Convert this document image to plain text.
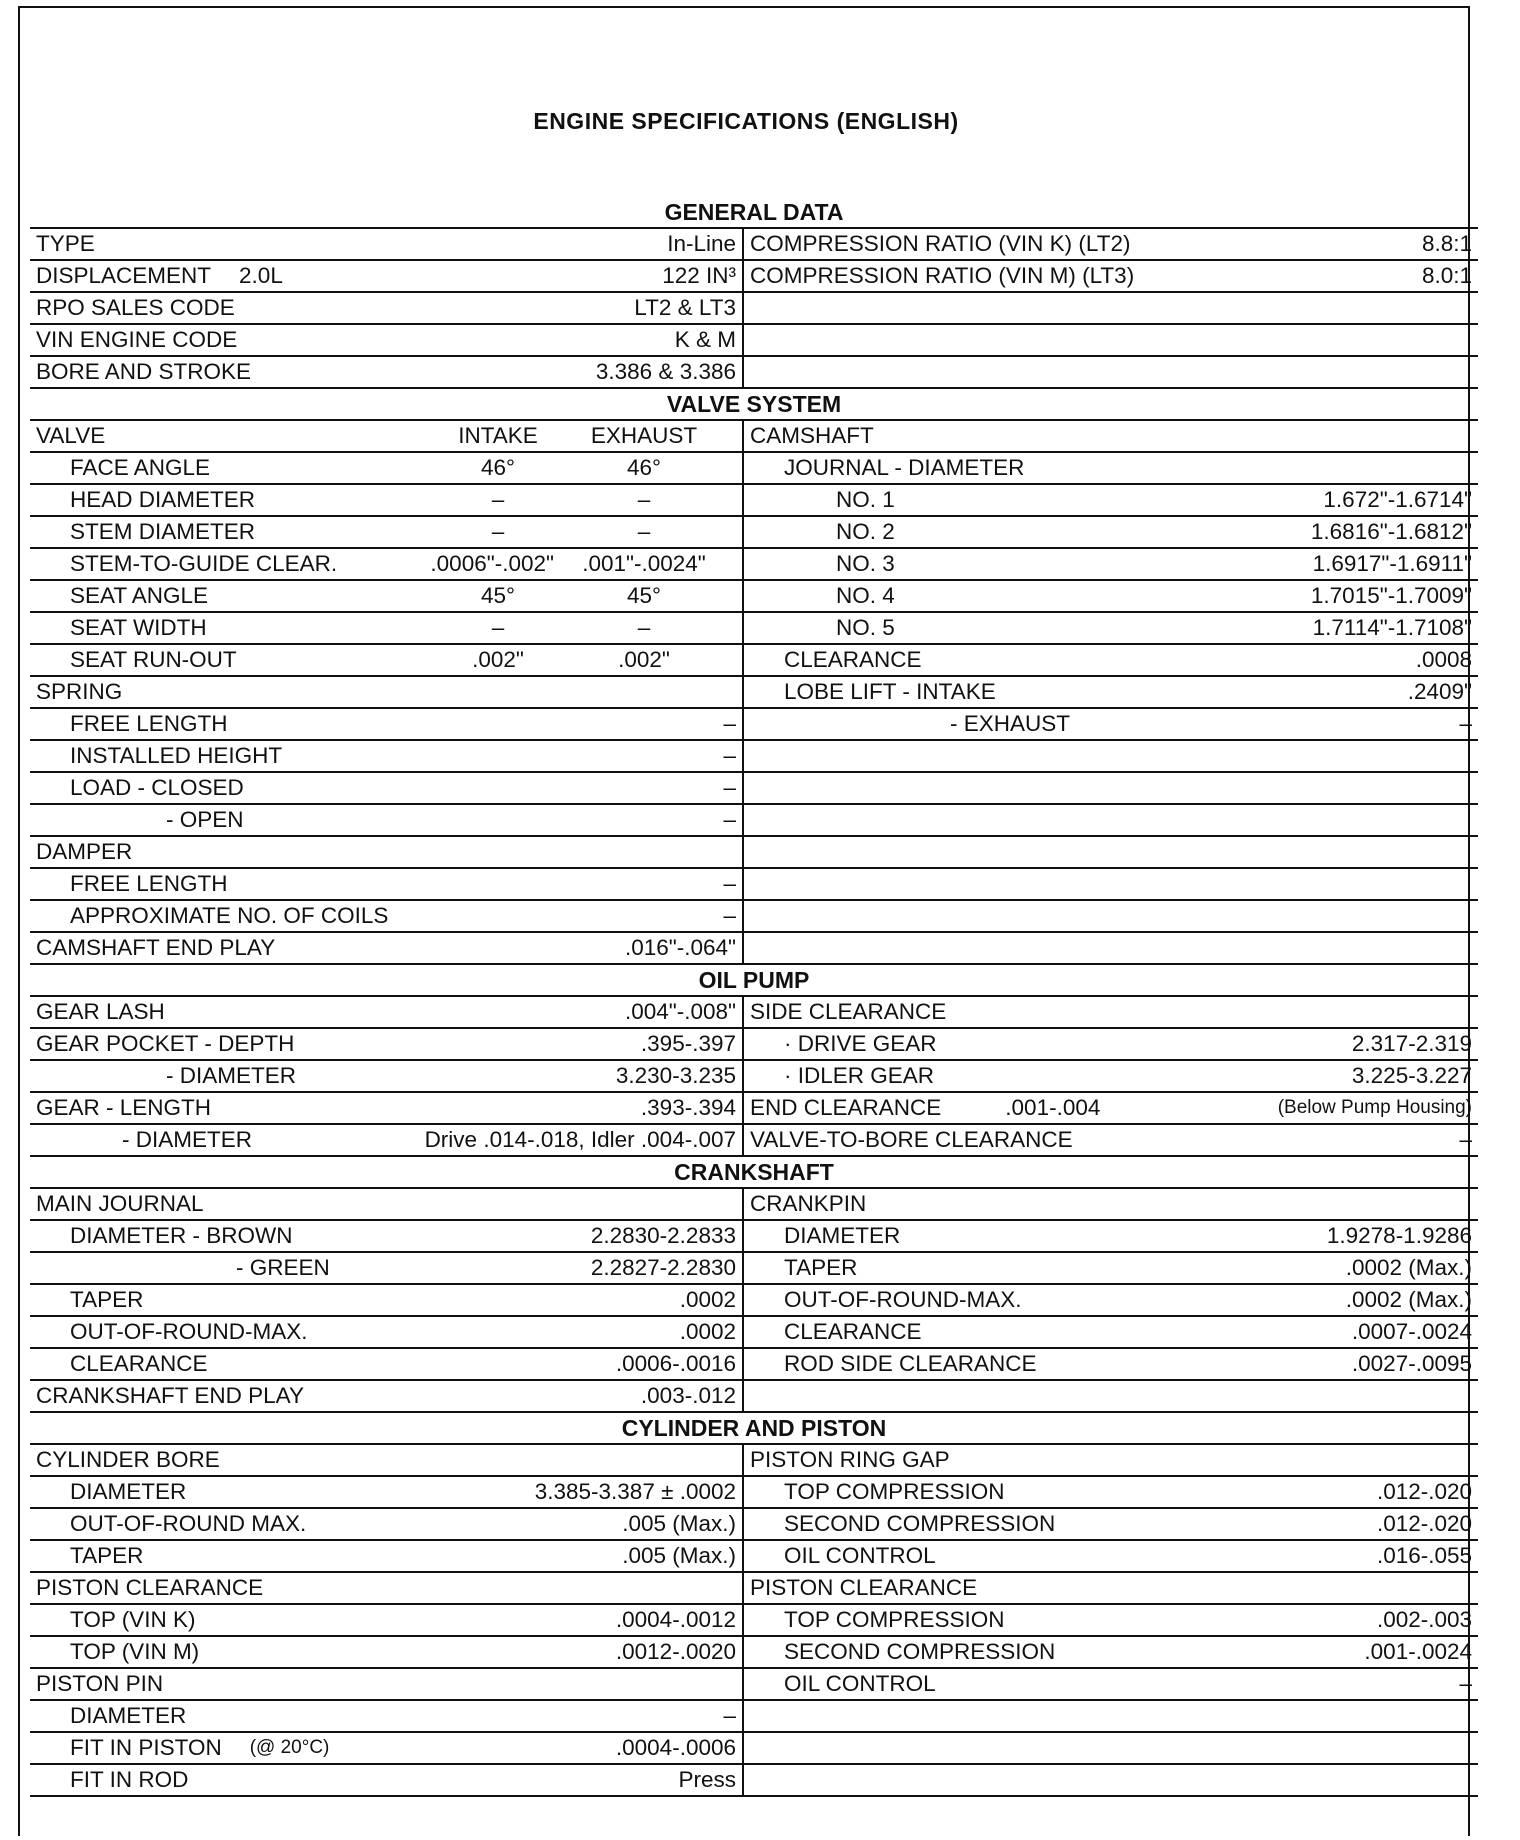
ENGINE SPECIFICATIONS (ENGLISH)
GENERAL DATA	

TYPE In-Line	COMPRESSION RATIO (VIN K) (LT2) 8.8:1

DISPLACEMENT 2.0L 122 IN³	COMPRESSION RATIO (VIN M) (LT3) 8.0:1

RPO SALES CODE LT2 & LT3	

VIN ENGINE CODE K & M	

BORE AND STROKE 3.386 & 3.386	

VALVE SYSTEM	

VALVE INTAKE EXHAUST	CAMSHAFT

FACE ANGLE 46° 46°	JOURNAL - DIAMETER

HEAD DIAMETER – –	NO. 1 1.672"-1.6714"

STEM DIAMETER – –	NO. 2 1.6816"-1.6812"

STEM-TO-GUIDE CLEAR. .0006"-.002" .001"-.0024"	NO. 3 1.6917"-1.6911"

SEAT ANGLE 45° 45°	NO. 4 1.7015"-1.7009"

SEAT WIDTH – –	NO. 5 1.7114"-1.7108"

SEAT RUN-OUT .002" .002"	CLEARANCE .0008

SPRING	LOBE LIFT - INTAKE .2409"

FREE LENGTH –	- EXHAUST –

INSTALLED HEIGHT –	

LOAD - CLOSED –	

- OPEN –	

DAMPER	

FREE LENGTH –	

APPROXIMATE NO. OF COILS –	

CAMSHAFT END PLAY .016"-.064"	

OIL PUMP	

GEAR LASH .004"-.008"	SIDE CLEARANCE

GEAR POCKET - DEPTH .395-.397	· DRIVE GEAR 2.317-2.319

- DIAMETER 3.230-3.235	· IDLER GEAR 3.225-3.227

GEAR - LENGTH .393-.394	END CLEARANCE .001-.004 (Below Pump Housing)

- DIAMETER Drive .014-.018, Idler .004-.007	VALVE-TO-BORE CLEARANCE –

CRANKSHAFT	

MAIN JOURNAL	CRANKPIN

DIAMETER - BROWN 2.2830-2.2833	DIAMETER 1.9278-1.9286

- GREEN 2.2827-2.2830	TAPER .0002 (Max.)

TAPER .0002	OUT-OF-ROUND-MAX. .0002 (Max.)

OUT-OF-ROUND-MAX. .0002	CLEARANCE .0007-.0024

CLEARANCE .0006-.0016	ROD SIDE CLEARANCE .0027-.0095

CRANKSHAFT END PLAY .003-.012	

CYLINDER AND PISTON	

CYLINDER BORE	PISTON RING GAP

DIAMETER 3.385-3.387 ± .0002	TOP COMPRESSION .012-.020

OUT-OF-ROUND MAX. .005 (Max.)	SECOND COMPRESSION .012-.020

TAPER .005 (Max.)	OIL CONTROL .016-.055

PISTON CLEARANCE	PISTON CLEARANCE

TOP (VIN K) .0004-.0012	TOP COMPRESSION .002-.003

TOP (VIN M) .0012-.0020	SECOND COMPRESSION .001-.0024

PISTON PIN	OIL CONTROL –

DIAMETER –	

FIT IN PISTON (@ 20°C) .0004-.0006	

FIT IN ROD Press	
